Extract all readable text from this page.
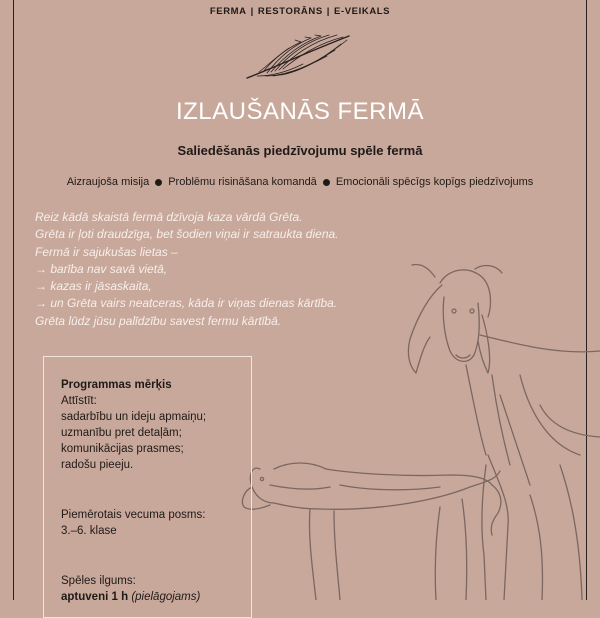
FERMA | RESTORĀNS | E-VEIKALS
IZLAUŠANĀS FERMĀ
Saliedēšanās piedzīvojumu spēle fermā
Aizraujoša misija Problēmu risināšana komandā Emocionāli spēcīgs kopīgs piedzīvojums
Reiz kādā skaistā fermā dzīvoja kaza vārdā Grēta.
Grēta ir ļoti draudzīga, bet šodien viņai ir satraukta diena.
Fermā ir sajukušas lietas –
→ barība nav savā vietā,
→ kazas ir jāsaskaita,
→ un Grēta vairs neatceras, kāda ir viņas dienas kārtība.
Grēta lūdz jūsu palīdzību savest fermu kārtībā.
Programmas mērķis
Attīstīt:
sadarbību un ideju apmaiņu;
uzmanību pret detaļām;
komunikācijas prasmes;
radošu pieeju.
Piemērotais vecuma posms:
3.–6. klase
Spēles ilgums:
aptuveni 1 h (pielāgojams)
